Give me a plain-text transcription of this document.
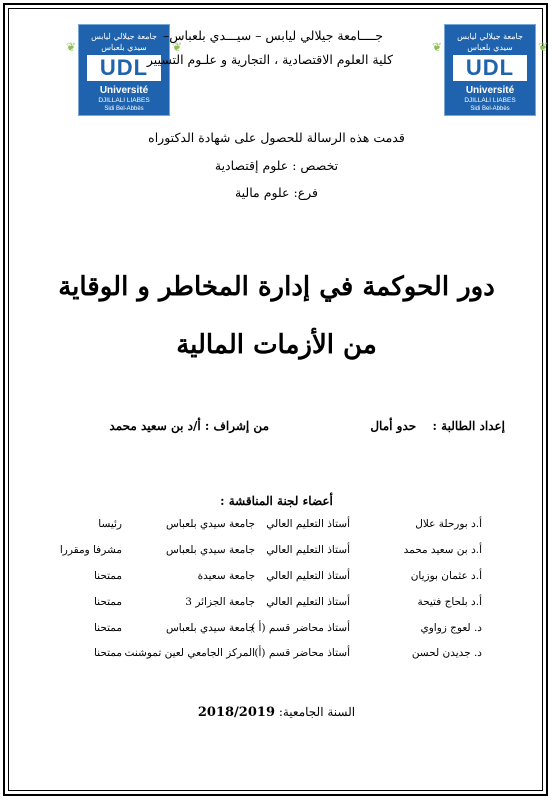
جامعة جيلالي ليابس
سيدي بلعباس
UDL
Université
DJILLALI LIABES
Sidi Bel-Abbès
❦	❦
جامعة جيلالي ليابس
سيدي بلعباس
UDL
Université
DJILLALI LIABES
Sidi Bel-Abbès
❦	❦
جــــامعة جيلالي ليابس – سيـــدي بلعباس–
كلية العلوم الاقتصادية ، التجارية و علـوم التسيير
قدمت هذه الرسالة للحصول على شهادة الدكتوراه
تخصص : علوم إقتصادية
فرع: علوم مالية
دور الحوكمة في إدارة المخاطر و الوقاية
من الأزمات المالية
إعداد الطالبة :  حدو أمال
من إشراف : أ/د بن سعيد محمد
أعضاء لجنة المناقشة :
أ.د بورحلة علال
أستاذ التعليم العالي
جامعة سيدي بلعباس
رئيسا
أ.د بن سعيد محمد
أستاذ التعليم العالي
جامعة سيدي بلعباس
مشرفا ومقررا
أ.د عثمان بوزيان
أستاذ التعليم العالي
جامعة سعيدة
ممتحنا
أ.د بلحاج فتيحة
أستاذ التعليم العالي
جامعة الجزائر 3
ممتحنا
د. لعوج زواوي
أستاذ محاضر قسم (أ )
جامعة سيدي بلعباس
ممتحنا
د. جديدن لحسن
أستاذ محاضر قسم (أ)
المركز الجامعي لعين تموشنت
ممتحنا
السنة الجامعية: 2018/2019
